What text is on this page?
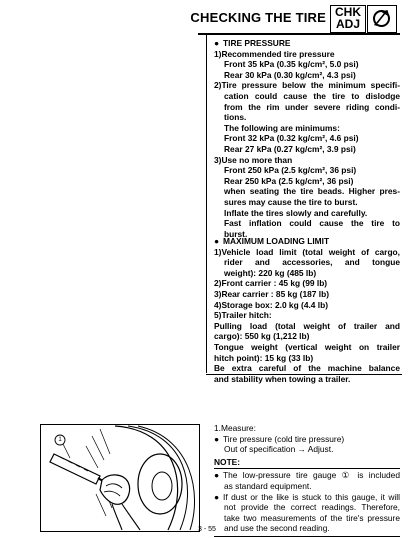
CHECKING THE TIRE CHK
ADJ

● TIRE PRESSURE

1)Recommended tire pressure

Front 35 kPa (0.35 kg/cm², 5.0 psi)

Rear 30 kPa (0.30 kg/cm², 4.3 psi)

2)Tire pressure below the minimum specifi-

cation could cause the tire to dislodge

from the rim under severe riding condi-

tions.

The following are minimums:

Front 32 kPa (0.32 kg/cm², 4.6 psi)

Rear 27 kPa (0.27 kg/cm², 3.9 psi)

3)Use no more than

Front 250 kPa (2.5 kg/cm², 36 psi)

Rear 250 kPa (2.5 kg/cm², 36 psi)

when seating the tire beads. Higher pres-

sures may cause the tire to burst.

Inflate the tires slowly and carefully.

Fast inflation could cause the tire to

burst.

● MAXIMUM LOADING LIMIT

1)Vehicle load limit (total weight of cargo,

rider and accessories, and tongue

weight): 220 kg (485 lb)

2)Front carrier : 45 kg (99 lb)

3)Rear carrier : 85 kg (187 lb)

4)Storage box: 2.0 kg (4.4 lb)

5)Trailer hitch:

Pulling load (total weight of trailer and

cargo): 550 kg (1,212 lb)

Tongue weight (vertical weight on trailer

hitch point): 15 kg (33 lb)

Be extra careful of the machine balance

and stability when towing a trailer.

1

1.Measure:

● Tire pressure (cold tire pressure)

Out of specification → Adjust.

NOTE:

● The low-pressure tire gauge ① is included

as standard equipment.

● If dust or the like is stuck to this gauge, it will

not provide the correct readings. Therefore,

take two measurements of the tire's pressure

and use the second reading.

3 - 55
